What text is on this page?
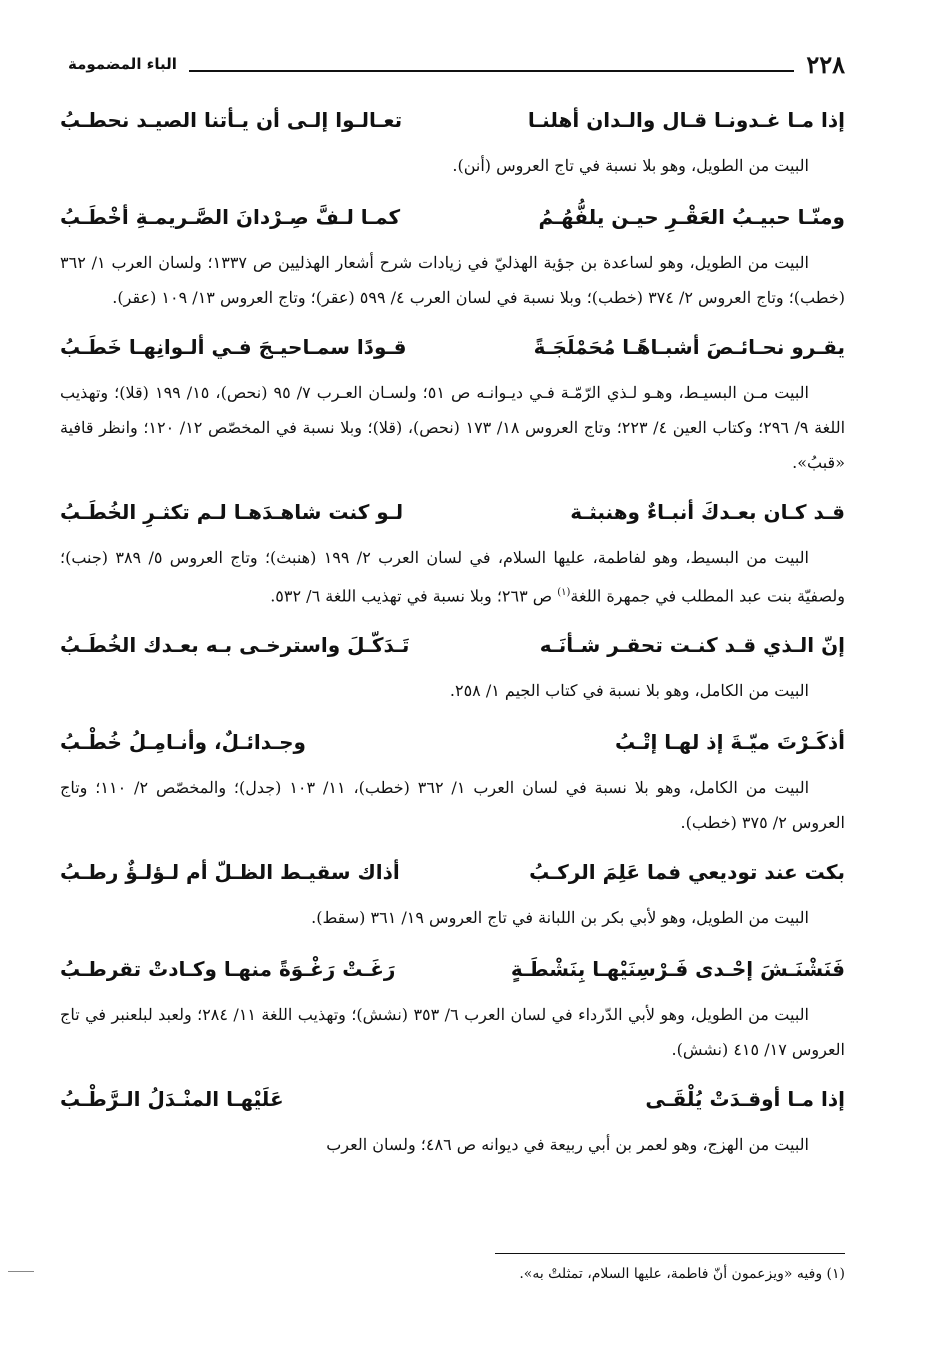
٢٢٨
الباء المضمومة
إذا مـا غـدونـا قـال والـدان أهلنـا
تعـالـوا إلـى أن يـأتنا الصيـد نحطـبُ

البيت من الطويل، وهو بلا نسبة في تاج العروس (أنن).

ومنّـا حبيـبُ العَقْـرِ حيـن يلفُّهُـمُ
كمـا لـفَّ صِـرْدانَ الصَّـريمـةِ أخْطَـبُ

البيت من الطويل، وهو لساعدة بن جؤية الهذليّ في زيادات شرح أشعار الهذليين ص ١٣٣٧؛ ولسان العرب ١/ ٣٦٢ (خطب)؛ وتاج العروس ٢/ ٣٧٤ (خطب)؛ وبلا نسبة في لسان العرب ٤/ ٥٩٩ (عقر)؛ وتاج العروس ١٣/ ١٠٩ (عقر).

يقـرو نحـائـصَ أشبـاهًـا مُحَمْلَجَـةً
قـودًا سمـاحيـجَ فـي ألـوانِهـا خَطَـبُ

البيت مـن البسيـط، وهـو لـذي الرّمّـة فـي ديـوانـه ص ٥١؛ ولسـان العـرب ٧/ ٩٥ (نحص)، ١٥/ ١٩٩ (قلا)؛ وتهذيب اللغة ٩/ ٢٩٦؛ وكتاب العين ٤/ ٢٢٣؛ وتاج العروس ١٨/ ١٧٣ (نحص)، (قلا)؛ وبلا نسبة في المخصّص ١٢/ ١٢٠؛ وانظر قافية «قببُ».

قـد كـان بعـدكَ أنبـاءٌ وهنبثـة
لـو كنت شاهـدَهـا لـم تكثـرِ الخُطَـبُ

البيت من البسيط، وهو لفاطمة، عليها السلام، في لسان العرب ٢/ ١٩٩ (هنبث)؛ وتاج العروس ٥/ ٣٨٩ (جنب)؛ ولصفيّة بنت عبد المطلب في جمهرة اللغة$^{(١)}$ ص ٢٦٣؛ وبلا نسبة في تهذيب اللغة ٦/ ٥٣٢.

إنّ الـذي قـد كنـت تحقـر شـأنَـه
تَـدَكّـلَ واسترخـى بـه بعـدك الخُطَـبُ

البيت من الكامل، وهو بلا نسبة في كتاب الجيم ١/ ٢٥٨.

أذكَـرْتَ ميّـةَ إذ لهـا إتْـبُ
وجـدائـلٌ، وأنـامِـلُ خُطْـبُ

البيت من الكامل، وهو بلا نسبة في لسان العرب ١/ ٣٦٢ (خطب)، ١١/ ١٠٣ (جدل)؛ والمخصّص ٢/ ١١٠؛ وتاج العروس ٢/ ٣٧٥ (خطب).

بكت عند توديعي فما عَلِمَ الركـبُ
أذاك سقيـط الظـلّ أم لـؤلـؤٌ رطـبُ

البيت من الطويل، وهو لأبي بكر بن اللبانة في تاج العروس ١٩/ ٣٦١ (سقط).

فَنَشْنَـشَ إحْـدى فَـرْسِنَيْهـا بِنَشْطَـةٍ
رَغَـتْ رَغْـوَةً منهـا وكـادتْ تقرطـبُ

البيت من الطويل، وهو لأبي الدّرداء في لسان العرب ٦/ ٣٥٣ (نشش)؛ وتهذيب اللغة ١١/ ٢٨٤؛ ولعبد لبلعنبر في تاج العروس ١٧/ ٤١٥ (نشش).

إذا مـا أوقـدَتْ يُلْقَـى
عَلَيْهـا المنْـدَلُ الـرَّطْـبُ

البيت من الهزج، وهو لعمر بن أبي ربيعة في ديوانه ص ٤٨٦؛ ولسان العرب

(١) وفيه «ويزعمون أنّ فاطمة، عليها السلام، تمثلتْ به».
